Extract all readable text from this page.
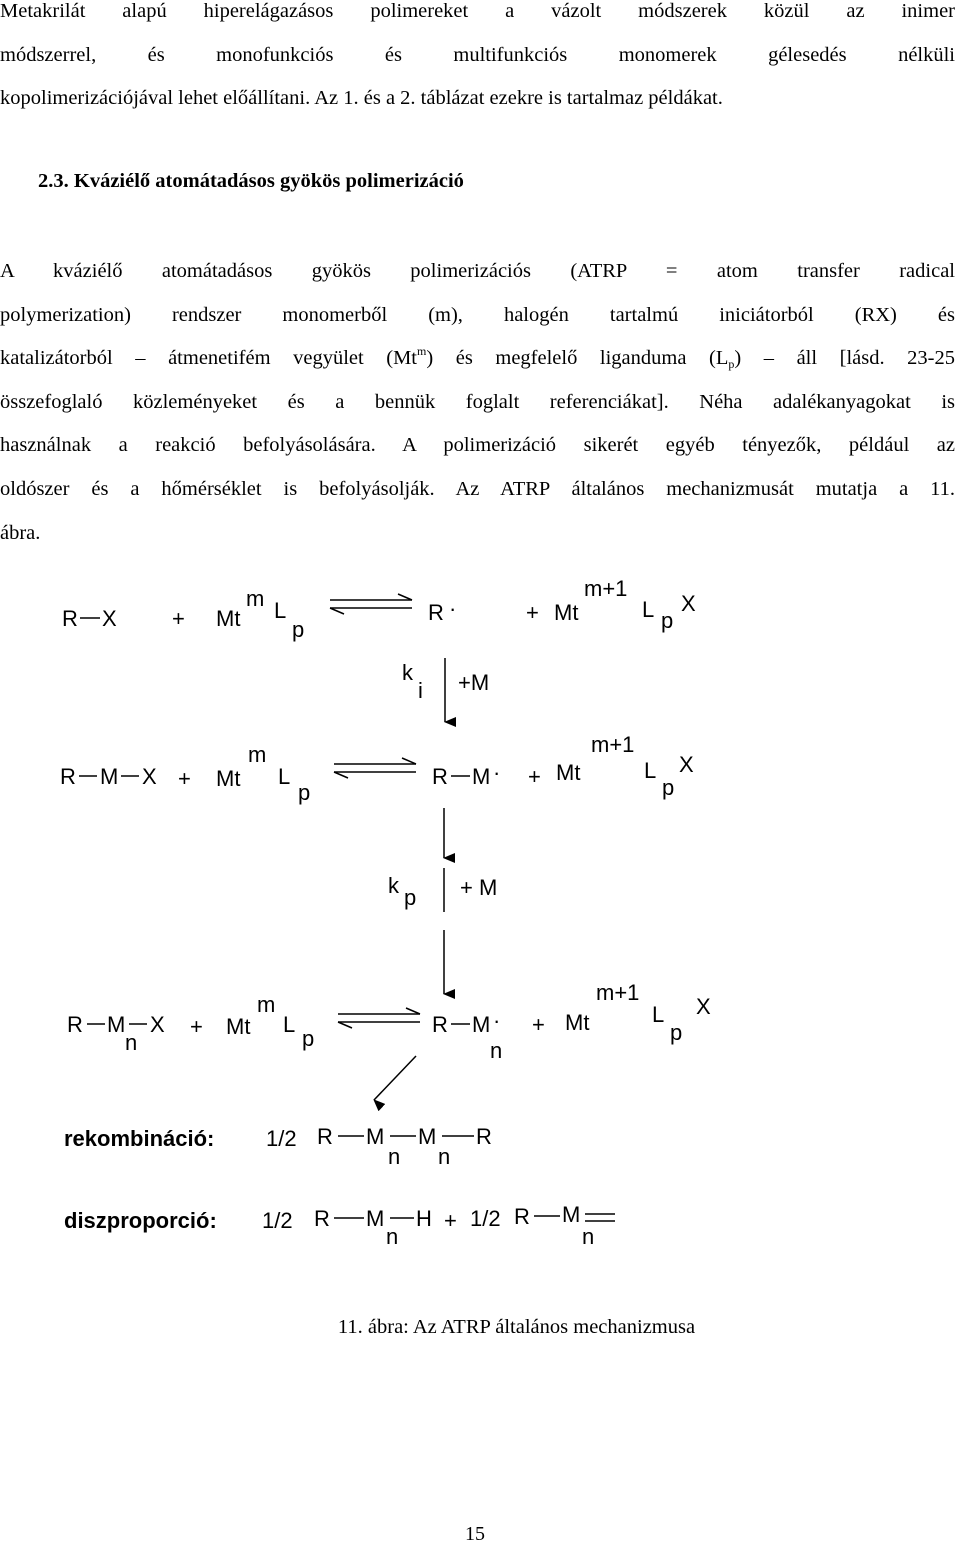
Metakrilát alapú hiperelágazásos polimereket a vázolt módszerek közül az inimer
módszerrel, és monofunkciós és multifunkciós monomerek gélesedés nélküli
kopolimerizációjával lehet előállítani. Az 1. és a 2. táblázat ezekre is tartalmaz példákat.
2.3. Kváziélő atomátadásos gyökös polimerizáció
A kváziélő atomátadásos gyökös polimerizációs (ATRP = atom transfer radical
polymerization) rendszer monomerből (m), halogén tartalmú iniciátorból (RX) és
katalizátorból – átmenetifém vegyület (Mt$^m$) és megfelelő liganduma $(L_p)$ – áll [lásd. 23-25
összefoglaló közleményeket és a bennük foglalt referenciákat]. Néha adalékanyagokat is
használnak a reakció befolyásolására. A polimerizáció sikerét egyéb tényezők, például az
oldószer és a hőmérséklet is befolyásolják. Az ATRP általános mechanizmusát mutatja a 11.
ábra.
R X	+ Mt
m L
p
R ·	+ Mt
m+1
L p
X
k
i +M
R M X + Mt
m
L
p
R M · + Mt
m+1
L
p
X
k p + M
R M X
n
+ Mt
m
L
p
R M ·
n
+ Mt
m+1
L
p
X
rekombináció: 1/2 R M
n
M
n
R
diszproporció: 1/2 R M
n
H + 1/2 R M
n
11. ábra: Az ATRP általános mechanizmusa
15
